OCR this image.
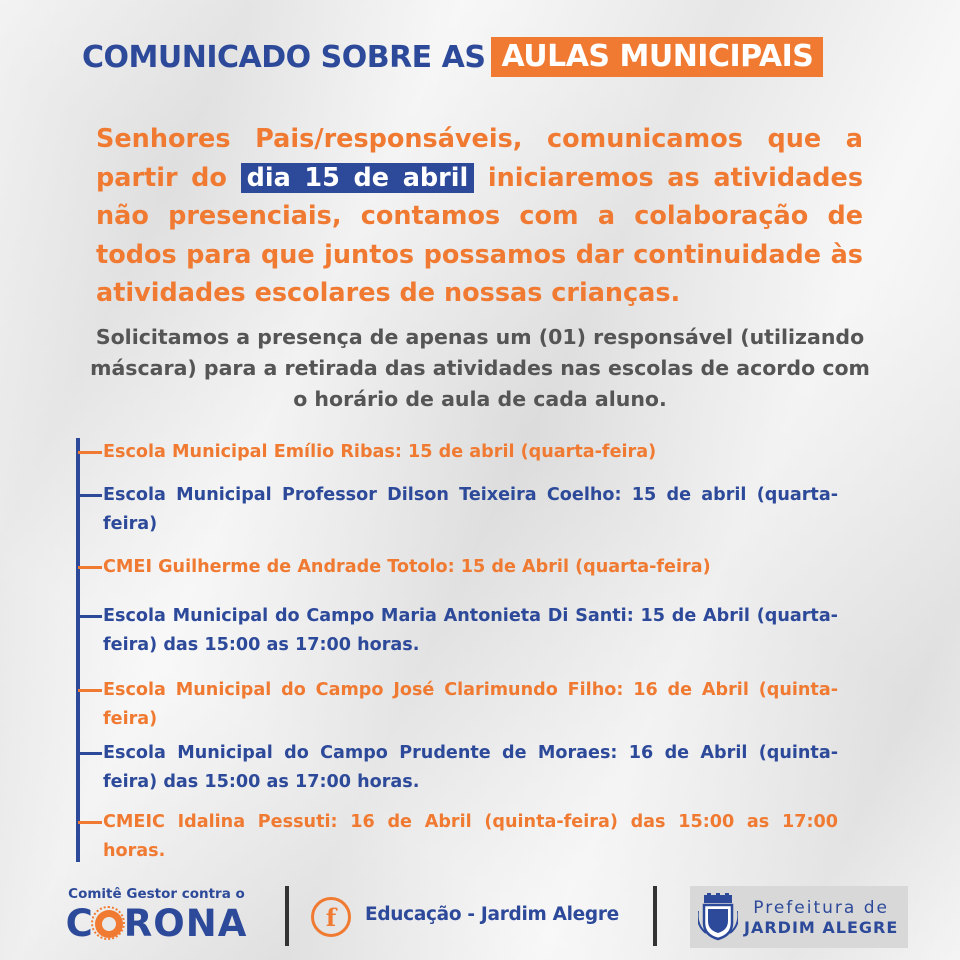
COMUNICADO SOBRE AS AULAS MUNICIPAIS

Senhores Pais/responsáveis, comunicamos que a partir do dia 15 de abril iniciaremos as atividades não presenciais, contamos com a colaboração de todos para que juntos possamos dar continuidade às atividades escolares de nossas crianças.

Solicitamos a presença de apenas um (01) responsável (utilizando máscara) para a retirada das atividades nas escolas de acordo com o horário de aula de cada aluno.

Escola Municipal Emílio Ribas: 15 de abril (quarta-feira)
Escola Municipal Professor Dilson Teixeira Coelho: 15 de abril (quarta-feira)
CMEI Guilherme de Andrade Totolo: 15 de Abril (quarta-feira)
Escola Municipal do Campo Maria Antonieta Di Santi: 15 de Abril (quarta-feira) das 15:00 as 17:00 horas.
Escola Municipal do Campo José Clarimundo Filho: 16 de Abril (quinta-feira)
Escola Municipal do Campo Prudente de Moraes: 16 de Abril (quinta-feira) das 15:00 as 17:00 horas.
CMEIC Idalina Pessuti: 16 de Abril (quinta-feira) das 15:00 as 17:00 horas.
Comitê Gestor contra o
C RONA	f	Educação - Jardim Alegre	Prefeitura de
JARDIM ALEGRE
